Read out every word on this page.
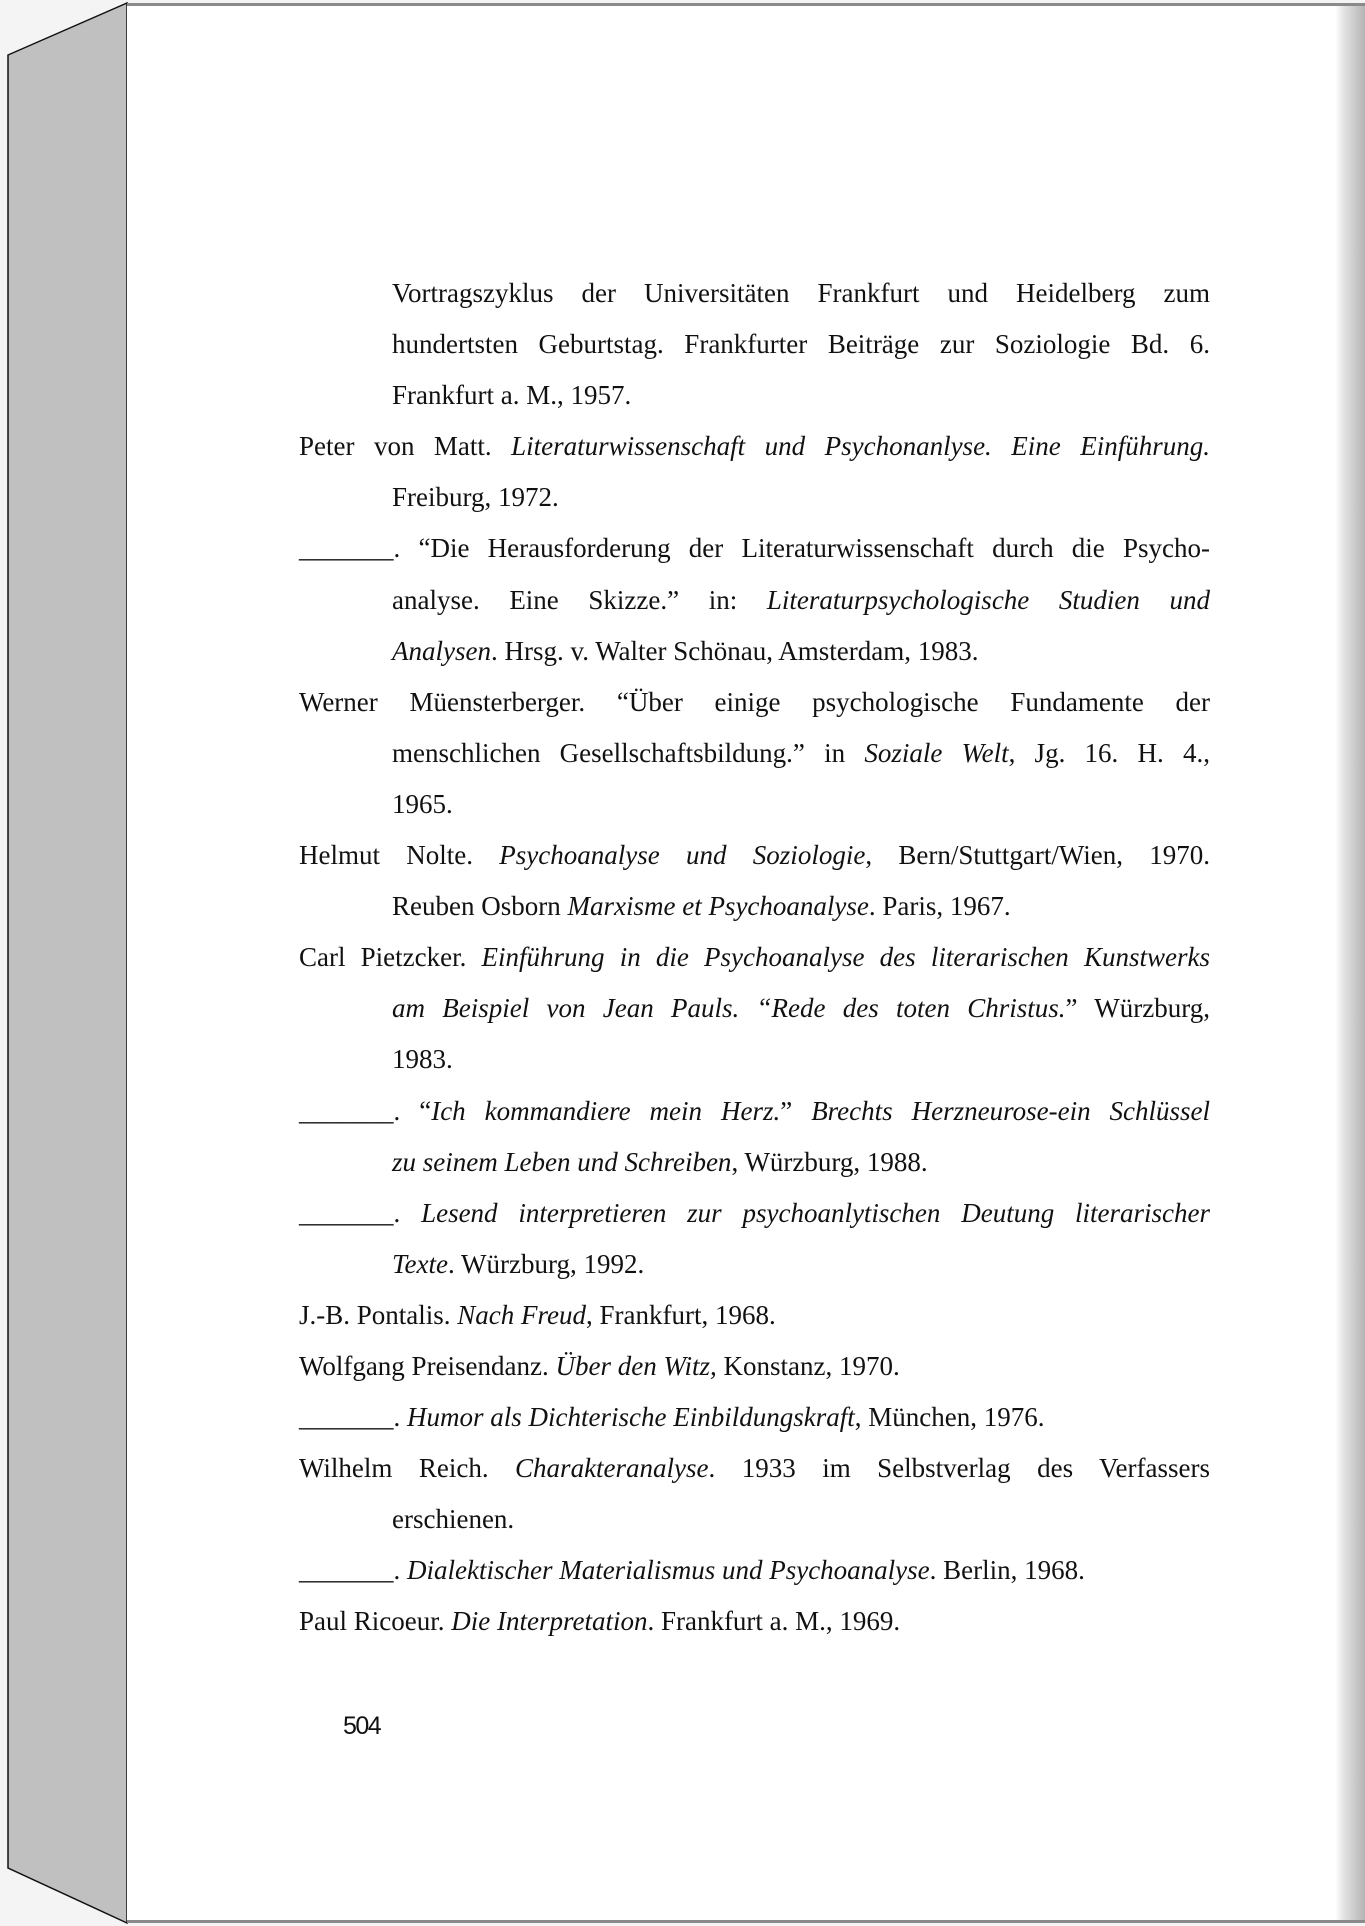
Vortragszyklus der Universitäten Frankfurt und Heidelberg zum
hundertsten Geburtstag. Frankfurter Beiträge zur Soziologie Bd. 6.
Frankfurt a. M., 1957.
Peter von Matt. Literaturwissenschaft und Psychonanlyse. Eine Einführung.
Freiburg, 1972.
_______. “Die Herausforderung der Literaturwissenschaft durch die Psycho-
analyse. Eine Skizze.” in: Literaturpsychologische Studien und
Analysen. Hrsg. v. Walter Schönau, Amsterdam, 1983.
Werner Müensterberger. “Über einige psychologische Fundamente der
menschlichen Gesellschaftsbildung.” in Soziale Welt, Jg. 16. H. 4.,
1965.
Helmut Nolte. Psychoanalyse und Soziologie, Bern/Stuttgart/Wien, 1970.
Reuben Osborn Marxisme et Psychoanalyse. Paris, 1967.
Carl Pietzcker. Einführung in die Psychoanalyse des literarischen Kunstwerks
am Beispiel von Jean Pauls. “Rede des toten Christus.” Würzburg,
1983.
_______. “Ich kommandiere mein Herz.” Brechts Herzneurose-ein Schlüssel
zu seinem Leben und Schreiben, Würzburg, 1988.
_______. Lesend interpretieren zur psychoanlytischen Deutung literarischer
Texte. Würzburg, 1992.
J.-B. Pontalis. Nach Freud, Frankfurt, 1968.
Wolfgang Preisendanz. Über den Witz, Konstanz, 1970.
_______. Humor als Dichterische Einbildungskraft, München, 1976.
Wilhelm Reich. Charakteranalyse. 1933 im Selbstverlag des Verfassers
erschienen.
_______. Dialektischer Materialismus und Psychoanalyse. Berlin, 1968.
Paul Ricoeur. Die Interpretation. Frankfurt a. M., 1969.
504
